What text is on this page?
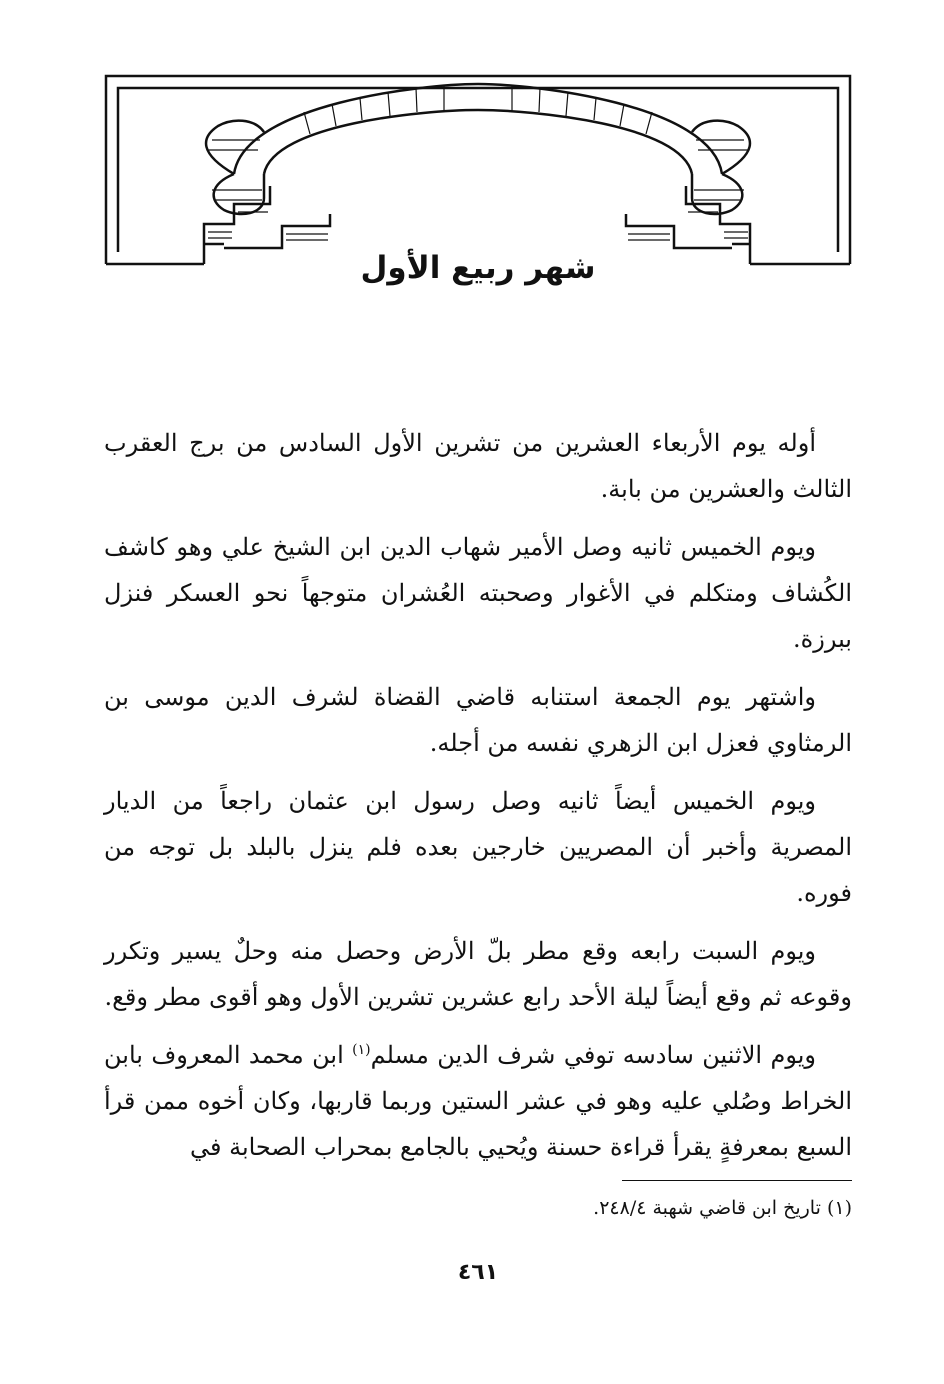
شهر ربيع الأول

أوله يوم الأربعاء العشرين من تشرين الأول السادس من برج العقرب الثالث والعشرين من بابة.

ويوم الخميس ثانيه وصل الأمير شهاب الدين ابن الشيخ علي وهو كاشف الكُشاف ومتكلم في الأغوار وصحبته العُشران متوجهاً نحو العسكر فنزل ببرزة.

واشتهر يوم الجمعة استنابه قاضي القضاة لشرف الدين موسى بن الرمثاوي فعزل ابن الزهري نفسه من أجله.

ويوم الخميس أيضاً ثانيه وصل رسول ابن عثمان راجعاً من الديار المصرية وأخبر أن المصريين خارجين بعده فلم ينزل بالبلد بل توجه من فوره.

ويوم السبت رابعه وقع مطر بلّ الأرض وحصل منه وحلٌ يسير وتكرر وقوعه ثم وقع أيضاً ليلة الأحد رابع عشرين تشرين الأول وهو أقوى مطر وقع.

ويوم الاثنين سادسه توفي شرف الدين مسلم$^{(١)}$ ابن محمد المعروف بابن الخراط وصُلي عليه وهو في عشر الستين وربما قاربها، وكان أخوه ممن قرأ السبع بمعرفةٍ يقرأ قراءة حسنة ويُحيي بالجامع بمحراب الصحابة في

(١) تاريخ ابن قاضي شهبة ٢٤٨/٤.
٤٦١
